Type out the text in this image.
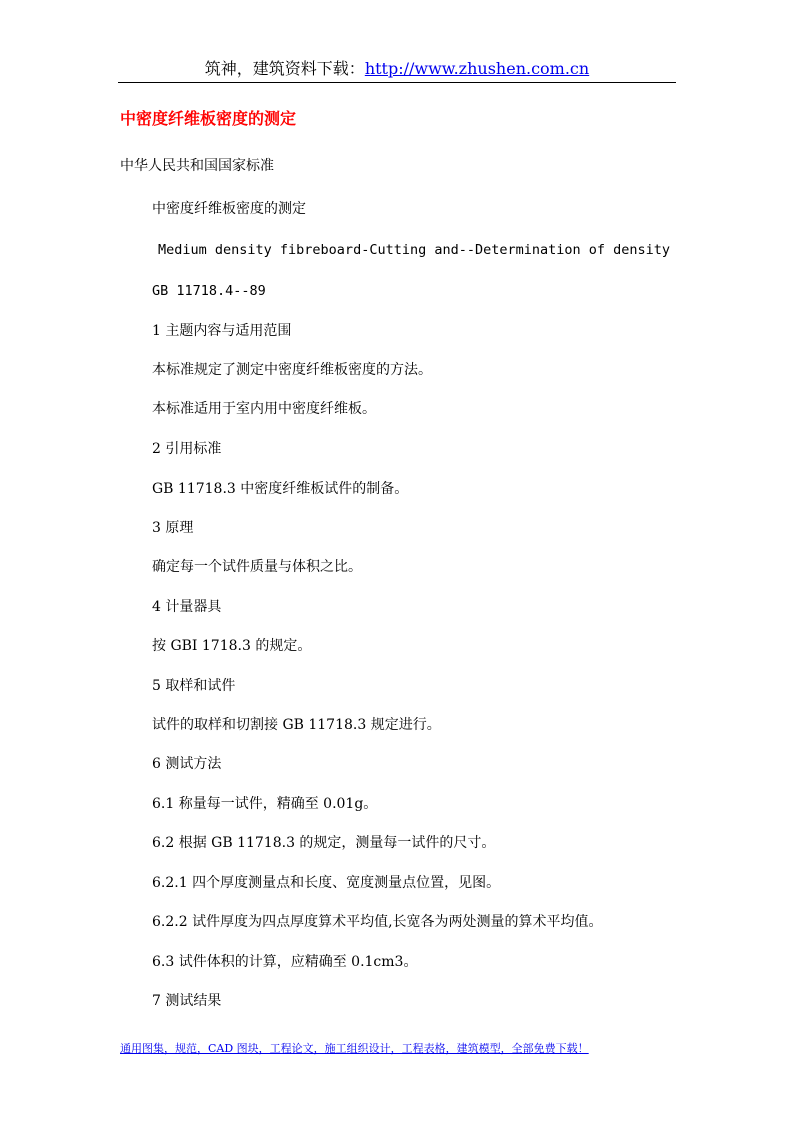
筑神，建筑资料下载：http://www.zhushen.com.cn
中密度纤维板密度的测定
中华人民共和国国家标准
中密度纤维板密度的测定
Medium density fibreboard-Cutting and--Determination of density
GB 11718.4--89
1 主题内容与适用范围
本标准规定了测定中密度纤维板密度的方法。
本标准适用于室内用中密度纤维板。
2 引用标准
GB 11718.3 中密度纤维板试件的制备。
3 原理
确定每一个试件质量与体积之比。
4 计量器具
按 GBI 1718.3 的规定。
5 取样和试件
试件的取样和切割接 GB 11718.3 规定进行。
6 测试方法
6.1 称量每一试件，精确至 0.01g。
6.2 根据 GB 11718.3 的规定，测量每一试件的尺寸。
6.2.1 四个厚度测量点和长度、宽度测量点位置，见图。
6.2.2 试件厚度为四点厚度算术平均值,长宽各为两处测量的算术平均值。
6.3 试件体积的计算，应精确至 0.1cm3。
7 测试结果
通用图集，规范，CAD 图块，工程论文，施工组织设计，工程表格，建筑模型，全部免费下载！
